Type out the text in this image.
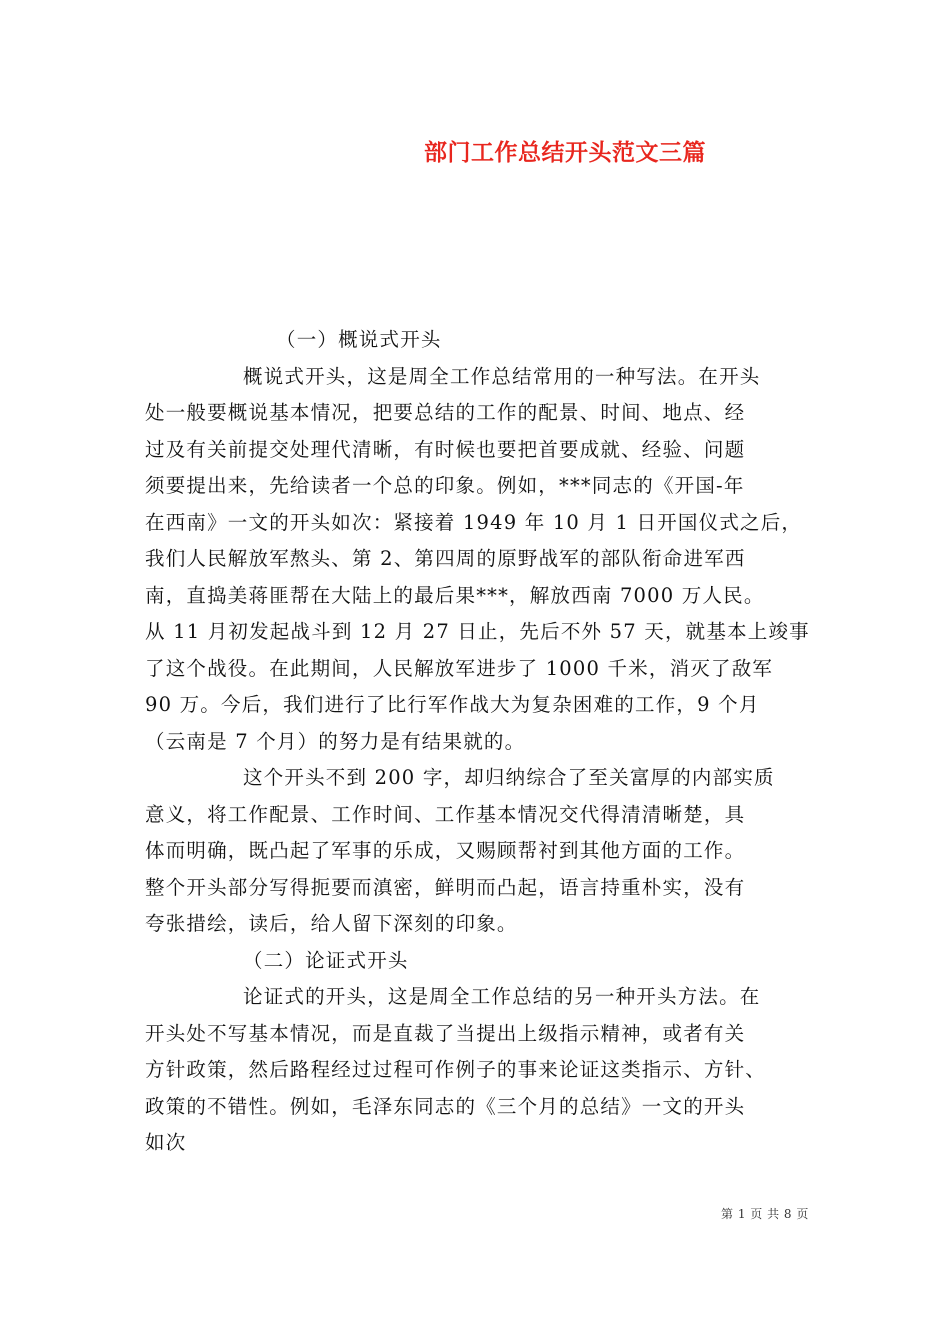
部门工作总结开头范文三篇
（一）概说式开头
概说式开头，这是周全工作总结常用的一种写法。在开头
处一般要概说基本情况，把要总结的工作的配景、时间、地点、经
过及有关前提交处理代清晰，有时候也要把首要成就、经验、问题
须要提出来，先给读者一个总的印象。例如，***同志的《开国-年
在西南》一文的开头如次：紧接着 1949 年 10 月 1 日开国仪式之后，
我们人民解放军熬头、第 2、第四周的原野战军的部队衔命进军西
南，直捣美蒋匪帮在大陆上的最后果***，解放西南 7000 万人民。
从 11 月初发起战斗到 12 月 27 日止，先后不外 57 天，就基本上竣事
了这个战役。在此期间，人民解放军进步了 1000 千米，消灭了敌军
90 万。今后，我们进行了比行军作战大为复杂困难的工作，9 个月
（云南是 7 个月）的努力是有结果就的。
这个开头不到 200 字，却归纳综合了至关富厚的内部实质
意义，将工作配景、工作时间、工作基本情况交代得清清晰楚，具
体而明确，既凸起了军事的乐成，又赐顾帮衬到其他方面的工作。
整个开头部分写得扼要而滇密，鲜明而凸起，语言持重朴实，没有
夸张措绘，读后，给人留下深刻的印象。
（二）论证式开头
论证式的开头，这是周全工作总结的另一种开头方法。在
开头处不写基本情况，而是直裁了当提出上级指示精神，或者有关
方针政策，然后路程经过过程可作例子的事来论证这类指示、方针、
政策的不错性。例如，毛泽东同志的《三个月的总结》一文的开头
如次
第 1 页 共 8 页
